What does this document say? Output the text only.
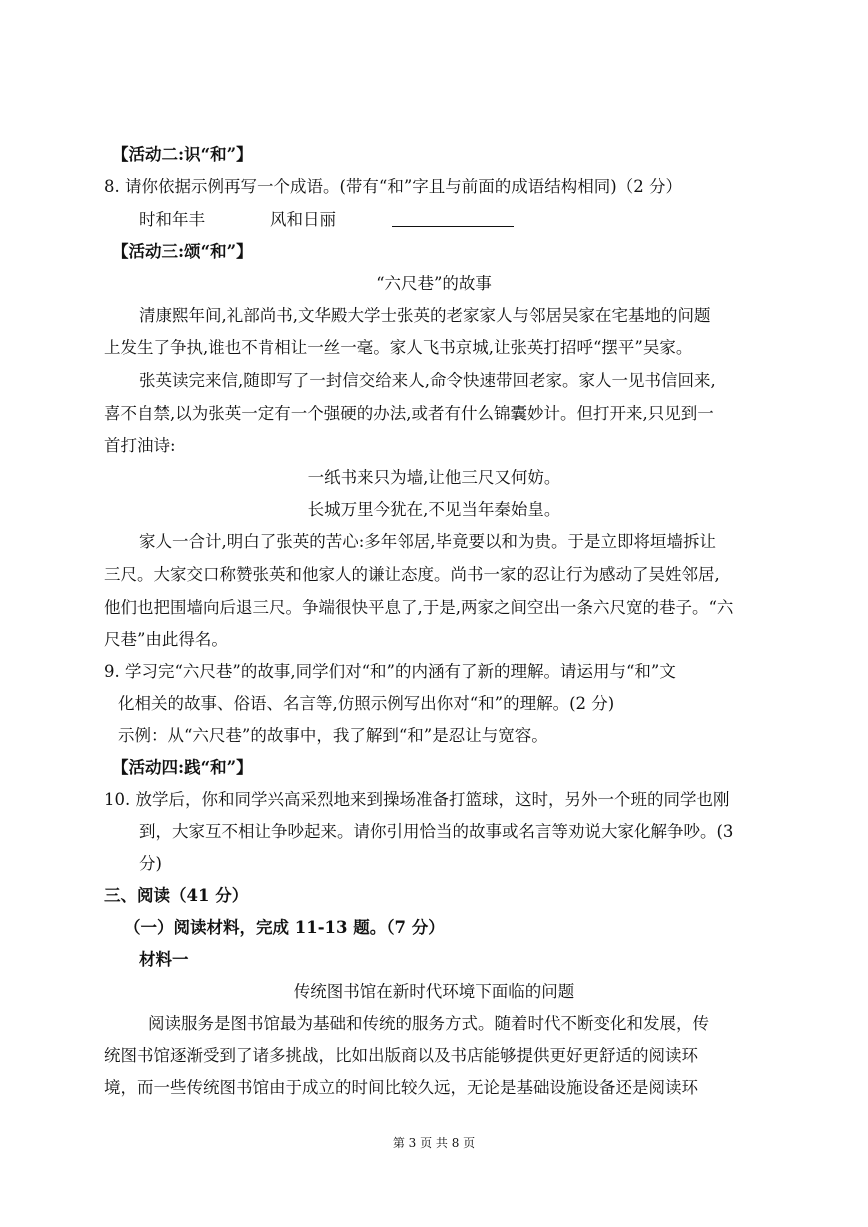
【活动二:识“和”】
8. 请你依据示例再写一个成语。(带有“和”字且与前面的成语结构相同)（2 分）
时和年丰	风和日丽
【活动三:颂“和”】
“六尺巷”的故事
清康熙年间,礼部尚书,文华殿大学士张英的老家家人与邻居吴家在宅基地的问题
上发生了争执,谁也不肯相让一丝一毫。家人飞书京城,让张英打招呼“摆平”吴家。
张英读完来信,随即写了一封信交给来人,命令快速带回老家。家人一见书信回来,
喜不自禁,以为张英一定有一个强硬的办法,或者有什么锦囊妙计。但打开来,只见到一
首打油诗:
一纸书来只为墙,让他三尺又何妨。
长城万里今犹在,不见当年秦始皇。
家人一合计,明白了张英的苦心:多年邻居,毕竟要以和为贵。于是立即将垣墙拆让
三尺。大家交口称赞张英和他家人的谦让态度。尚书一家的忍让行为感动了吴姓邻居,
他们也把围墙向后退三尺。争端很快平息了,于是,两家之间空出一条六尺宽的巷子。“六
尺巷”由此得名。
9. 学习完“六尺巷”的故事,同学们对“和”的内涵有了新的理解。请运用与“和”文
化相关的故事、俗语、名言等,仿照示例写出你对“和”的理解。(2 分)
示例：从“六尺巷”的故事中，我了解到“和”是忍让与宽容。
【活动四:践“和”】
10. 放学后，你和同学兴高采烈地来到操场准备打篮球，这时，另外一个班的同学也刚
到，大家互不相让争吵起来。请你引用恰当的故事或名言等劝说大家化解争吵。(3
分)
三、阅读（41 分）
（一）阅读材料，完成 11-13 题。（7 分）
材料一
传统图书馆在新时代环境下面临的问题
阅读服务是图书馆最为基础和传统的服务方式。随着时代不断变化和发展，传
统图书馆逐渐受到了诸多挑战，比如出版商以及书店能够提供更好更舒适的阅读环
境，而一些传统图书馆由于成立的时间比较久远，无论是基础设施设备还是阅读环
第 3 页 共 8 页
